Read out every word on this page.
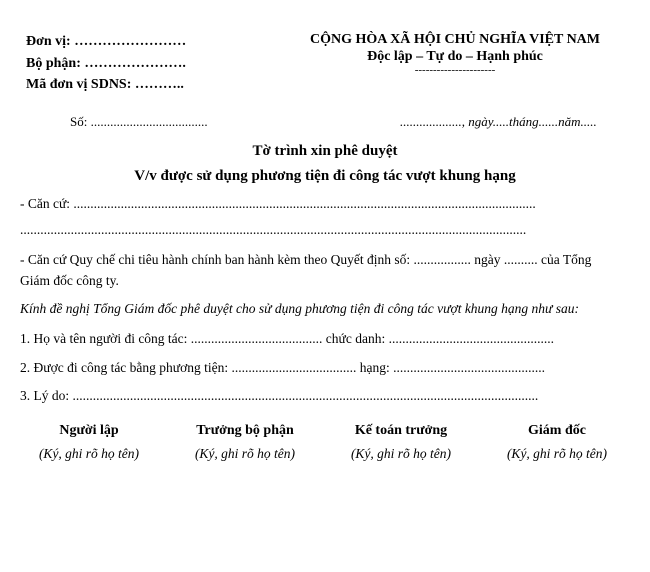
Đơn vị: ……………………
Bộ phận: ………………….
Mã đơn vị SDNS: ………..
CỘNG HÒA XÃ HỘI CHỦ NGHĨA VIỆT NAM
Độc lập – Tự do – Hạnh phúc
----------------------
Số: ....................................	..................., ngày.....tháng......năm.....
Tờ trình xin phê duyệt
V/v được sử dụng phương tiện đi công tác vượt khung hạng
- Căn cứ: .........................................................................................................................................
......................................................................................................................................................
- Căn cứ Quy chế chi tiêu hành chính ban hành kèm theo Quyết định số: ................. ngày .......... của Tổng
Giám đốc công ty.
Kính đề nghị Tổng Giám đốc phê duyệt cho sử dụng phương tiện đi công tác vượt khung hạng như sau:
1. Họ và tên người đi công tác: ....................................... chức danh: .................................................
2. Được đi công tác bằng phương tiện: ..................................... hạng: .............................................
3. Lý do: ..........................................................................................................................................
Người lập
(Ký, ghi rõ họ tên)
Trưởng bộ phận
(Ký, ghi rõ họ tên)
Kế toán trưởng
(Ký, ghi rõ họ tên)
Giám đốc
(Ký, ghi rõ họ tên)
